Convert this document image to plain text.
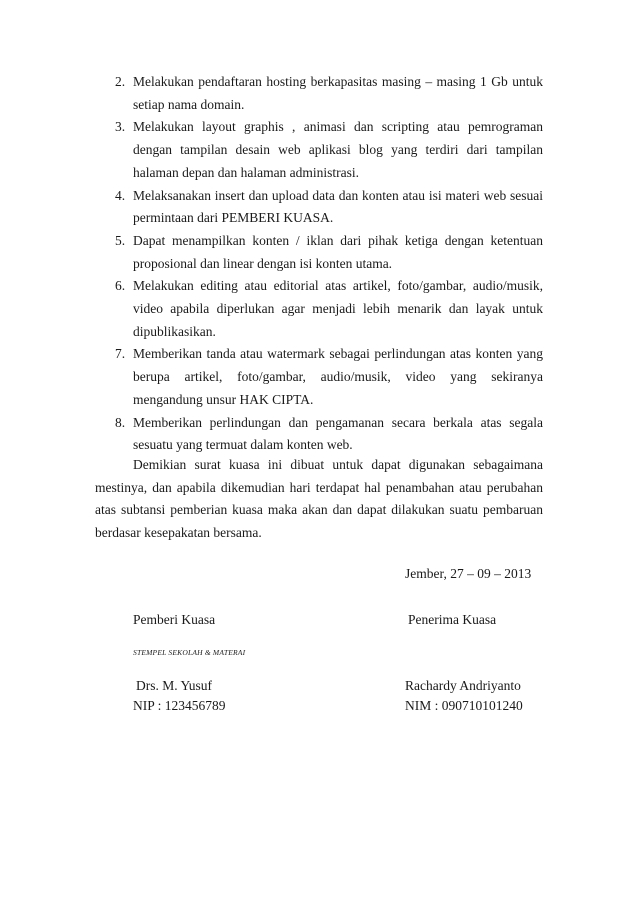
2. Melakukan pendaftaran hosting berkapasitas masing – masing 1 Gb untuk setiap nama domain.
3. Melakukan layout graphis , animasi dan scripting atau pemrograman dengan tampilan desain web aplikasi blog yang terdiri dari tampilan halaman depan dan halaman administrasi.
4. Melaksanakan insert dan upload data dan konten atau isi materi web sesuai permintaan dari PEMBERI KUASA.
5. Dapat menampilkan konten / iklan dari pihak ketiga dengan ketentuan proposional dan linear dengan isi konten utama.
6. Melakukan editing atau editorial atas artikel, foto/gambar, audio/musik, video apabila diperlukan agar menjadi lebih menarik dan layak untuk dipublikasikan.
7. Memberikan tanda atau watermark sebagai perlindungan atas konten yang berupa artikel, foto/gambar, audio/musik, video yang sekiranya mengandung unsur HAK CIPTA.
8. Memberikan perlindungan dan pengamanan secara berkala atas segala sesuatu yang termuat dalam konten web.

Demikian surat kuasa ini dibuat untuk dapat digunakan sebagaimana mestinya, dan apabila dikemudian hari terdapat hal penambahan atau perubahan atas subtansi pemberian kuasa maka akan dan dapat dilakukan suatu pembaruan berdasar kesepakatan bersama.

Jember, 27 – 09 – 2013
Pemberi Kuasa	Penerima Kuasa
STEMPEL SEKOLAH & MATERAI
Drs. M. Yusuf
NIP : 123456789
Rachardy Andriyanto
NIM : 090710101240
